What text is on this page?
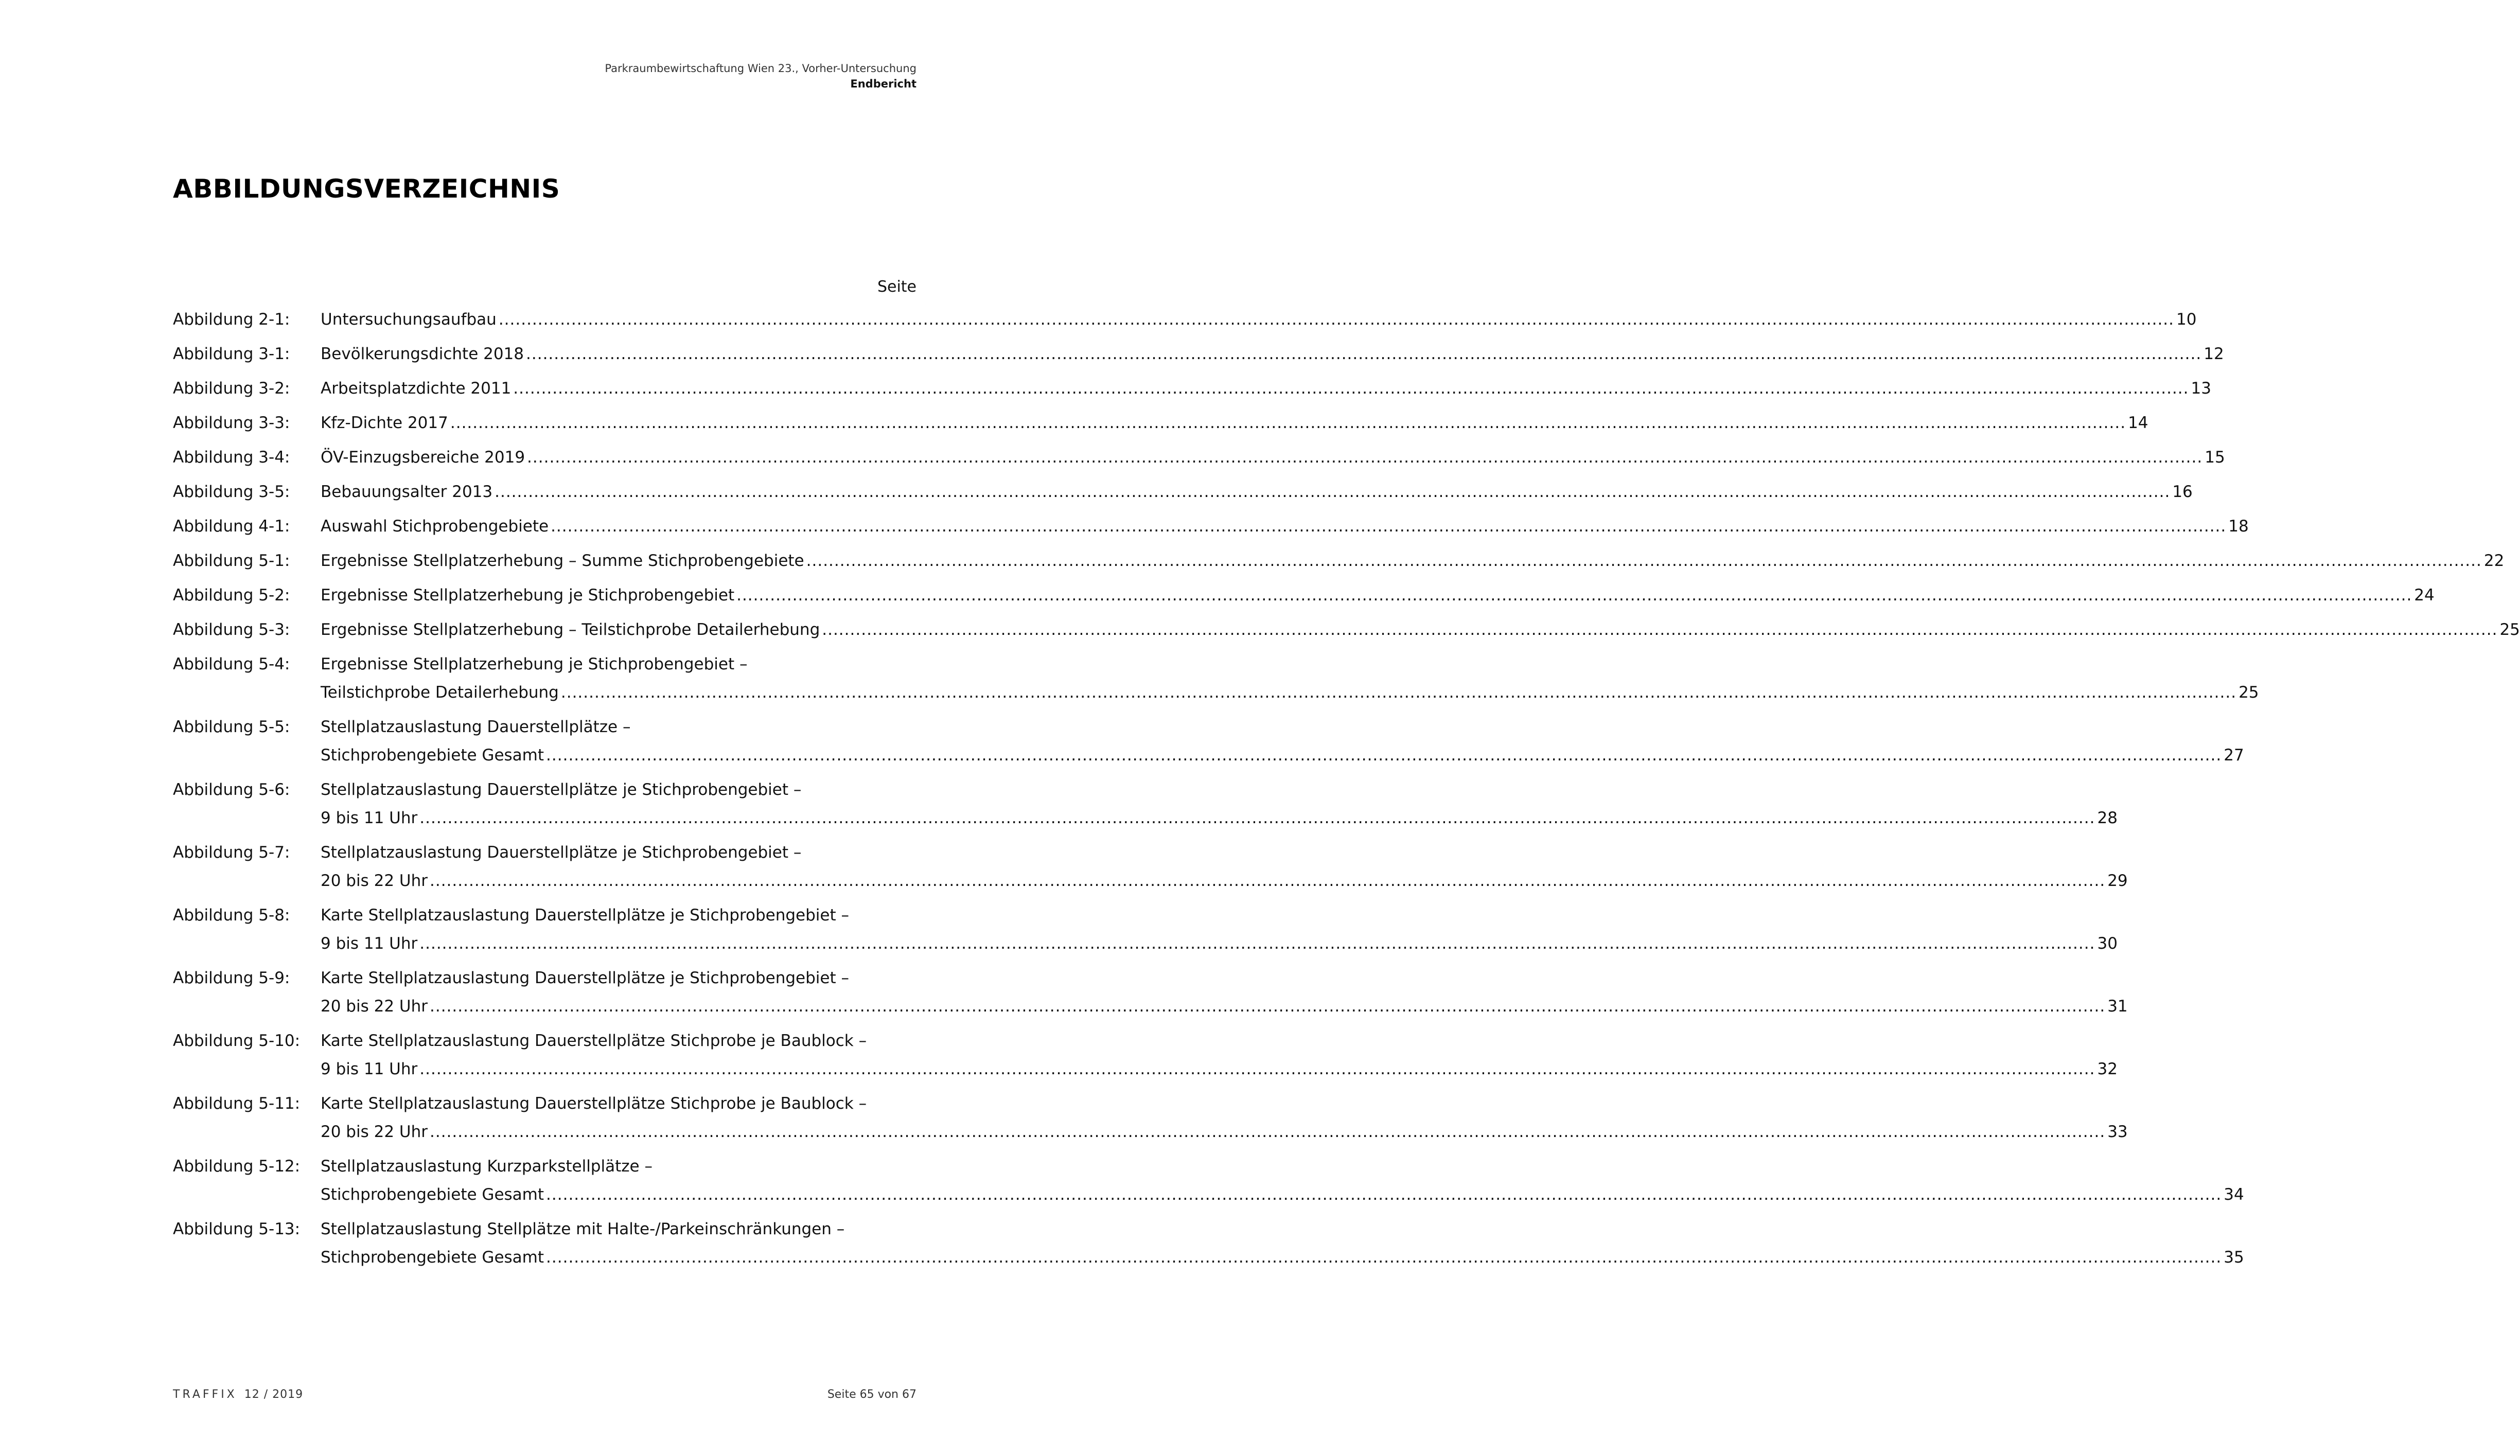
Parkraumbewirtschaftung Wien 23., Vorher-Untersuchung
Endbericht
ABBILDUNGSVERZEICHNIS
Seite
Abbildung 2-1: Untersuchungsaufbau ............................................................................................................................................................................................................................................................................................................ 10
Abbildung 3-1: Bevölkerungsdichte 2018 ............................................................................................................................................................................................................................................................................................................ 12
Abbildung 3-2: Arbeitsplatzdichte 2011 ............................................................................................................................................................................................................................................................................................................ 13
Abbildung 3-3: Kfz-Dichte 2017 ............................................................................................................................................................................................................................................................................................................ 14
Abbildung 3-4: ÖV-Einzugsbereiche 2019 ............................................................................................................................................................................................................................................................................................................ 15
Abbildung 3-5: Bebauungsalter 2013 ............................................................................................................................................................................................................................................................................................................ 16
Abbildung 4-1: Auswahl Stichprobengebiete ............................................................................................................................................................................................................................................................................................................ 18
Abbildung 5-1: Ergebnisse Stellplatzerhebung – Summe Stichprobengebiete ............................................................................................................................................................................................................................................................................................................ 22
Abbildung 5-2: Ergebnisse Stellplatzerhebung je Stichprobengebiet ............................................................................................................................................................................................................................................................................................................ 24
Abbildung 5-3: Ergebnisse Stellplatzerhebung – Teilstichprobe Detailerhebung ............................................................................................................................................................................................................................................................................................................ 25
Abbildung 5-4: Ergebnisse Stellplatzerhebung je Stichprobengebiet –
Teilstichprobe Detailerhebung ............................................................................................................................................................................................................................................................................................................ 25
Abbildung 5-5: Stellplatzauslastung Dauerstellplätze –
Stichprobengebiete Gesamt ............................................................................................................................................................................................................................................................................................................ 27
Abbildung 5-6: Stellplatzauslastung Dauerstellplätze je Stichprobengebiet –
9 bis 11 Uhr ............................................................................................................................................................................................................................................................................................................ 28
Abbildung 5-7: Stellplatzauslastung Dauerstellplätze je Stichprobengebiet –
20 bis 22 Uhr ............................................................................................................................................................................................................................................................................................................ 29
Abbildung 5-8: Karte Stellplatzauslastung Dauerstellplätze je Stichprobengebiet –
9 bis 11 Uhr ............................................................................................................................................................................................................................................................................................................ 30
Abbildung 5-9: Karte Stellplatzauslastung Dauerstellplätze je Stichprobengebiet –
20 bis 22 Uhr ............................................................................................................................................................................................................................................................................................................ 31
Abbildung 5-10: Karte Stellplatzauslastung Dauerstellplätze Stichprobe je Baublock –
9 bis 11 Uhr ............................................................................................................................................................................................................................................................................................................ 32
Abbildung 5-11: Karte Stellplatzauslastung Dauerstellplätze Stichprobe je Baublock –
20 bis 22 Uhr ............................................................................................................................................................................................................................................................................................................ 33
Abbildung 5-12: Stellplatzauslastung Kurzparkstellplätze –
Stichprobengebiete Gesamt ............................................................................................................................................................................................................................................................................................................ 34
Abbildung 5-13: Stellplatzauslastung Stellplätze mit Halte-/Parkeinschränkungen –
Stichprobengebiete Gesamt ............................................................................................................................................................................................................................................................................................................ 35
TRAFFIX 12 / 2019	Seite 65 von 67
